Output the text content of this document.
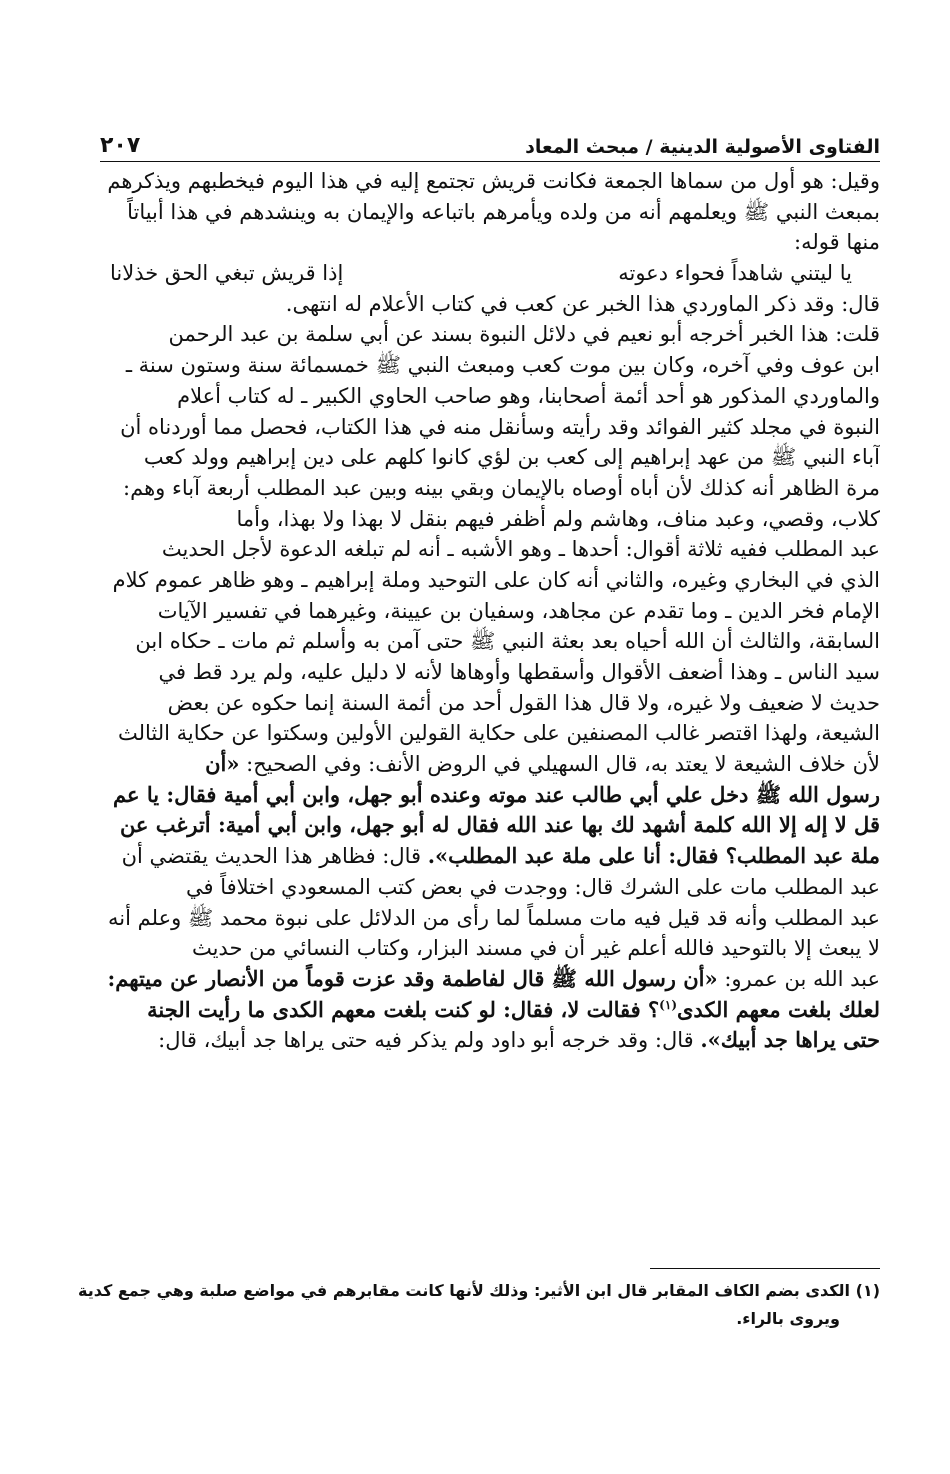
الفتاوى الأصولية الدينية / مبحث المعاد
٢٠٧
وقيل: هو أول من سماها الجمعة فكانت قريش تجتمع إليه في هذا اليوم فيخطبهم ويذكرهم
بمبعث النبي ﷺ ويعلمهم أنه من ولده ويأمرهم باتباعه والإيمان به وينشدهم في هذا أبياتاً
منها قوله:
يا ليتني شاهداً فحواء دعوته
إذا قريش تبغي الحق خذلانا
قال: وقد ذكر الماوردي هذا الخبر عن كعب في كتاب الأعلام له انتهى.
قلت: هذا الخبر أخرجه أبو نعيم في دلائل النبوة بسند عن أبي سلمة بن عبد الرحمن
ابن عوف وفي آخره، وكان بين موت كعب ومبعث النبي ﷺ خمسمائة سنة وستون سنة ـ
والماوردي المذكور هو أحد أئمة أصحابنا، وهو صاحب الحاوي الكبير ـ له كتاب أعلام
النبوة في مجلد كثير الفوائد وقد رأيته وسأنقل منه في هذا الكتاب، فحصل مما أوردناه أن
آباء النبي ﷺ من عهد إبراهيم إلى كعب بن لؤي كانوا كلهم على دين إبراهيم وولد كعب
مرة الظاهر أنه كذلك لأن أباه أوصاه بالإيمان وبقي بينه وبين عبد المطلب أربعة آباء وهم:
كلاب، وقصي، وعبد مناف، وهاشم ولم أظفر فيهم بنقل لا بهذا ولا بهذا، وأما
عبد المطلب ففيه ثلاثة أقوال: أحدها ـ وهو الأشبه ـ أنه لم تبلغه الدعوة لأجل الحديث
الذي في البخاري وغيره، والثاني أنه كان على التوحيد وملة إبراهيم ـ وهو ظاهر عموم كلام
الإمام فخر الدين ـ وما تقدم عن مجاهد، وسفيان بن عيينة، وغيرهما في تفسير الآيات
السابقة، والثالث أن الله أحياه بعد بعثة النبي ﷺ حتى آمن به وأسلم ثم مات ـ حكاه ابن
سيد الناس ـ وهذا أضعف الأقوال وأسقطها وأوهاها لأنه لا دليل عليه، ولم يرد قط في
حديث لا ضعيف ولا غيره، ولا قال هذا القول أحد من أئمة السنة إنما حكوه عن بعض
الشيعة، ولهذا اقتصر غالب المصنفين على حكاية القولين الأولين وسكتوا عن حكاية الثالث
لأن خلاف الشيعة لا يعتد به، قال السهيلي في الروض الأنف: وفي الصحيح: «أن
رسول الله ﷺ دخل علي أبي طالب عند موته وعنده أبو جهل، وابن أبي أمية فقال: يا عم
قل لا إله إلا الله كلمة أشهد لك بها عند الله فقال له أبو جهل، وابن أبي أمية: أترغب عن
ملة عبد المطلب؟ فقال: أنا على ملة عبد المطلب». قال: فظاهر هذا الحديث يقتضي أن
عبد المطلب مات على الشرك قال: ووجدت في بعض كتب المسعودي اختلافاً في
عبد المطلب وأنه قد قيل فيه مات مسلماً لما رأى من الدلائل على نبوة محمد ﷺ وعلم أنه
لا يبعث إلا بالتوحيد فالله أعلم غير أن في مسند البزار، وكتاب النسائي من حديث
عبد الله بن عمرو: «أن رسول الله ﷺ قال لفاطمة وقد عزت قوماً من الأنصار عن ميتهم:
لعلك بلغت معهم الكدى$^{(١)}$؟ فقالت لا، فقال: لو كنت بلغت معهم الكدى ما رأيت الجنة
حتى يراها جد أبيك». قال: وقد خرجه أبو داود ولم يذكر فيه حتى يراها جد أبيك، قال:
(١) الكدى بضم الكاف المقابر قال ابن الأثير: وذلك لأنها كانت مقابرهم في مواضع صلبة وهي جمع كدية
ويروى بالراء.
